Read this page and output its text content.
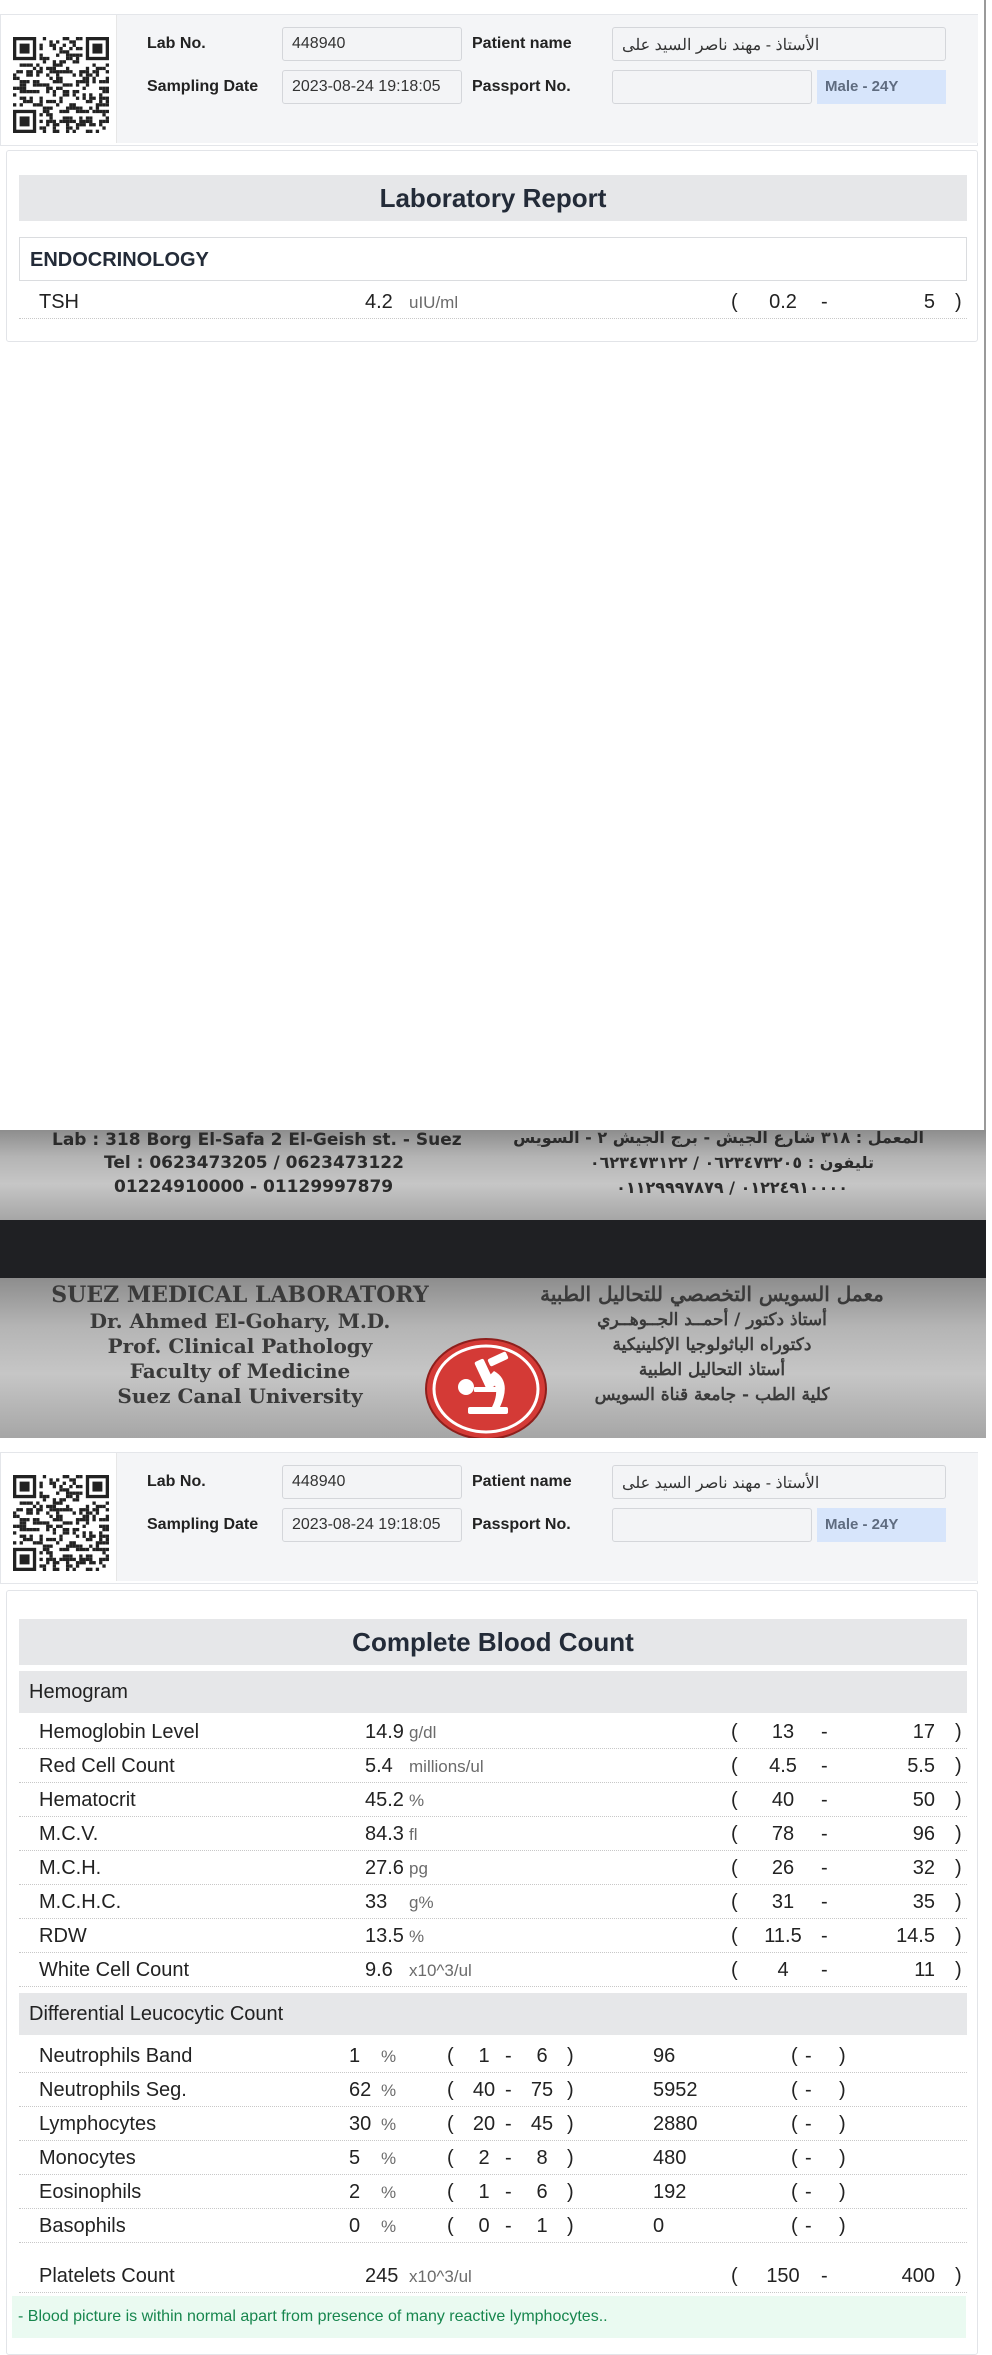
Lab No.	448940	Patient name	الأستاذ - مهند ناصر السيد على
Sampling Date	2023-08-24 19:18:05	Passport No.	Male - 24Y
Laboratory Report
ENDOCRINOLOGY
TSH	4.2 uIU/ml	(	0.2	-	5 )
Lab : 318 Borg El-Safa 2 El-Geish st. - Suez
Tel : 0623473205 / 0623473122
01224910000 - 01129997879
المعمل : ٣١٨ شارع الجيش - برج الجيش ٢ - السويس
تليفون : ٠٦٢٣٤٧٣٢٠٥ / ٠٦٢٣٤٧٣١٢٢
٠١٢٢٤٩١٠٠٠٠ / ٠١١٢٩٩٩٧٨٧٩
SUEZ MEDICAL LABORATORY
Dr. Ahmed El-Gohary, M.D.
Prof. Clinical Pathology
Faculty of Medicine
Suez Canal University
معمل السويس التخصصي للتحاليل الطبية
أستاذ دكتور / أحمــد الجــوهــري
دكتوراه الباثولوجيا الإكلينيكية
أستاذ التحاليل الطبية
كلية الطب - جامعة قناة السويس
Lab No.	448940	Patient name	الأستاذ - مهند ناصر السيد على
Sampling Date	2023-08-24 19:18:05	Passport No.	Male - 24Y
Complete Blood Count
Hemogram
Hemoglobin Level	14.9 g/dl	(	13	-	17 )
Red Cell Count	5.4 millions/ul	(	4.5	-	5.5 )
Hematocrit	45.2 %	(	40	-	50 )
M.C.V.	84.3 fl	(	78	-	96 )
M.C.H.	27.6 pg	(	26	-	32 )
M.C.H.C.	33 g%	(	31	-	35 )
RDW	13.5 %	(	11.5 -	14.5 )
White Cell Count	9.6 x10^3/ul	(	4	-	11 )
Differential Leucocytic Count
Neutrophils Band	1 %	(	1 -	6 )	96	( - )
Neutrophils Seg.	62 %	( 40 - 75 )	5952	( - )
Lymphocytes	30 %	( 20 - 45 )	2880	( - )
Monocytes	5 %	(	2 -	8 )	480	( - )
Eosinophils	2 %	(	1 -	6 )	192	( - )
Basophils	0 %	(	0 -	1 )	0	( - )
Platelets Count	245 x10^3/ul	(	150	-	400 )
- Blood picture is within normal apart from presence of many reactive lymphocytes..
